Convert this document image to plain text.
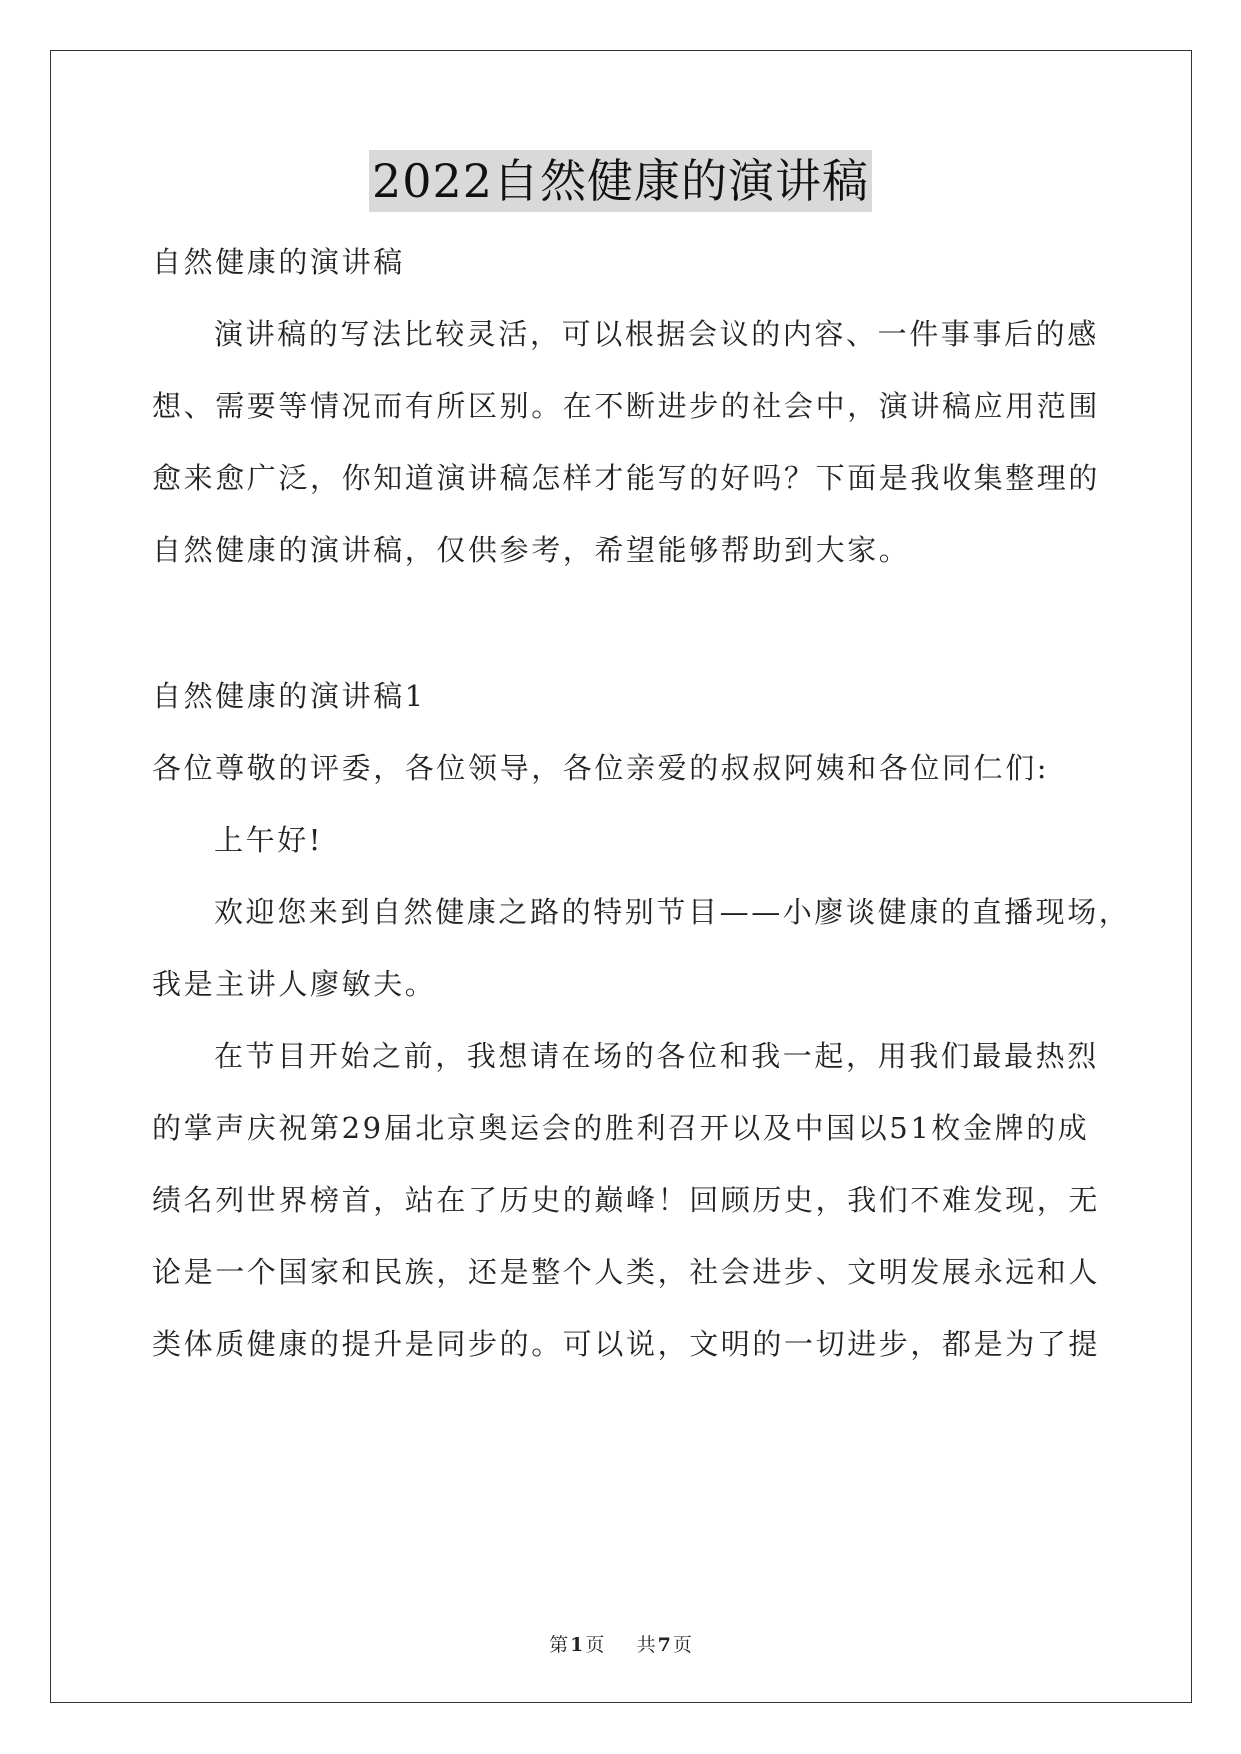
2022自然健康的演讲稿
自然健康的演讲稿
演讲稿的写法比较灵活，可以根据会议的内容、一件事事后的感
想、需要等情况而有所区别。在不断进步的社会中，演讲稿应用范围
愈来愈广泛，你知道演讲稿怎样才能写的好吗？下面是我收集整理的
自然健康的演讲稿，仅供参考，希望能够帮助到大家。
自然健康的演讲稿1
各位尊敬的评委，各位领导，各位亲爱的叔叔阿姨和各位同仁们:
上午好!
欢迎您来到自然健康之路的特别节目——小廖谈健康的直播现场，
我是主讲人廖敏夫。
在节目开始之前，我想请在场的各位和我一起，用我们最最热烈
的掌声庆祝第29届北京奥运会的胜利召开以及中国以51枚金牌的成
绩名列世界榜首，站在了历史的巅峰！回顾历史，我们不难发现，无
论是一个国家和民族，还是整个人类，社会进步、文明发展永远和人
类体质健康的提升是同步的。可以说，文明的一切进步，都是为了提
第 1 页 共 7 页
